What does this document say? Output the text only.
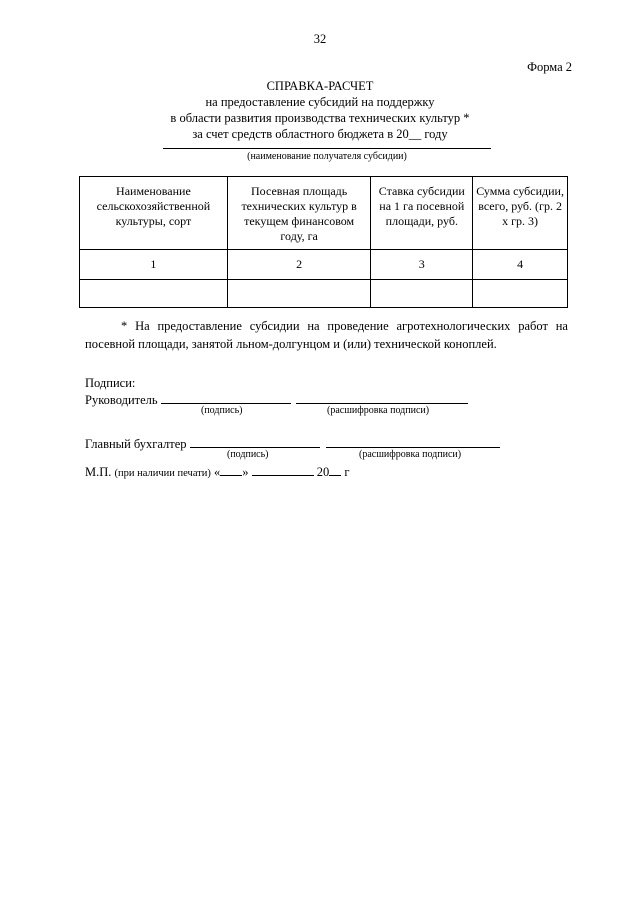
32
Форма 2
СПРАВКА-РАСЧЕТ
на предоставление субсидий на поддержку
в области развития производства технических культур *
за счет средств областного бюджета в 20__ году
(наименование получателя субсидии)
Наименование сельскохозяйственной культуры, сорт	Посевная площадь технических культур в текущем финансовом году, га	Ставка субсидии на 1 га посевной площади, руб.	Сумма субсидии, всего, руб. (гр. 2 х гр. 3)
1	2	3	4

* На предоставление субсидии на проведение агротехнологических работ на посевной площади, занятой льном-долгунцом и (или) технической коноплей.
Подписи:
Руководитель
(подпись)	(расшифровка подписи)
Главный бухгалтер
(подпись)	(расшифровка подписи)
М.П. (при наличии печати) « »	20 г
